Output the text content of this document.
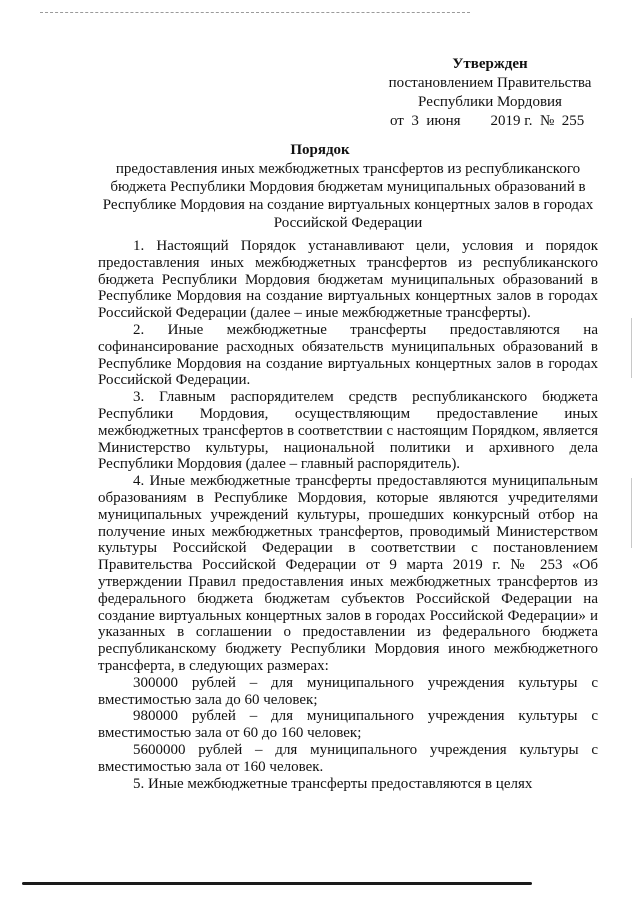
Утвержден
постановлением Правительства
Республики Мордовия
от  3  июня        2019 г.  №  255
Порядок
предоставления иных межбюджетных трансфертов из республиканского бюджета Республики Мордовия бюджетам муниципальных образований в Республике Мордовия на создание виртуальных концертных залов в городах Российской Федерации

1. Настоящий Порядок устанавливают цели, условия и порядок предоставления иных межбюджетных трансфертов из республиканского бюджета Республики Мордовия бюджетам муниципальных образований в Республике Мордовия на создание виртуальных концертных залов в городах Российской Федерации (далее – иные межбюджетные трансферты).

2. Иные межбюджетные трансферты предоставляются на софинансирование расходных обязательств муниципальных образований в Республике Мордовия на создание виртуальных концертных залов в городах Российской Федерации.

3. Главным распорядителем средств республиканского бюджета Республики Мордовия, осуществляющим предоставление иных межбюджетных трансфертов в соответствии с настоящим Порядком, является Министерство культуры, национальной политики и архивного дела Республики Мордовия (далее – главный распорядитель).

4. Иные межбюджетные трансферты предоставляются муниципальным образованиям в Республике Мордовия, которые являются учредителями муниципальных учреждений культуры, прошедших конкурсный отбор на получение иных межбюджетных трансфертов, проводимый Министерством культуры Российской Федерации в соответствии с постановлением Правительства Российской Федерации от 9 марта 2019 г. № 253 «Об утверждении Правил предоставления иных межбюджетных трансфертов из федерального бюджета бюджетам субъектов Российской Федерации на создание виртуальных концертных залов в городах Российской Федерации» и указанных в соглашении о предоставлении из федерального бюджета республиканскому бюджету Республики Мордовия иного межбюджетного трансферта, в следующих размерах:

300000 рублей – для муниципального учреждения культуры с вместимостью зала до 60 человек;

980000 рублей – для муниципального учреждения культуры с вместимостью зала от 60 до 160 человек;

5600000 рублей – для муниципального учреждения культуры с вместимостью зала от 160 человек.

5. Иные межбюджетные трансферты предоставляются в целях
